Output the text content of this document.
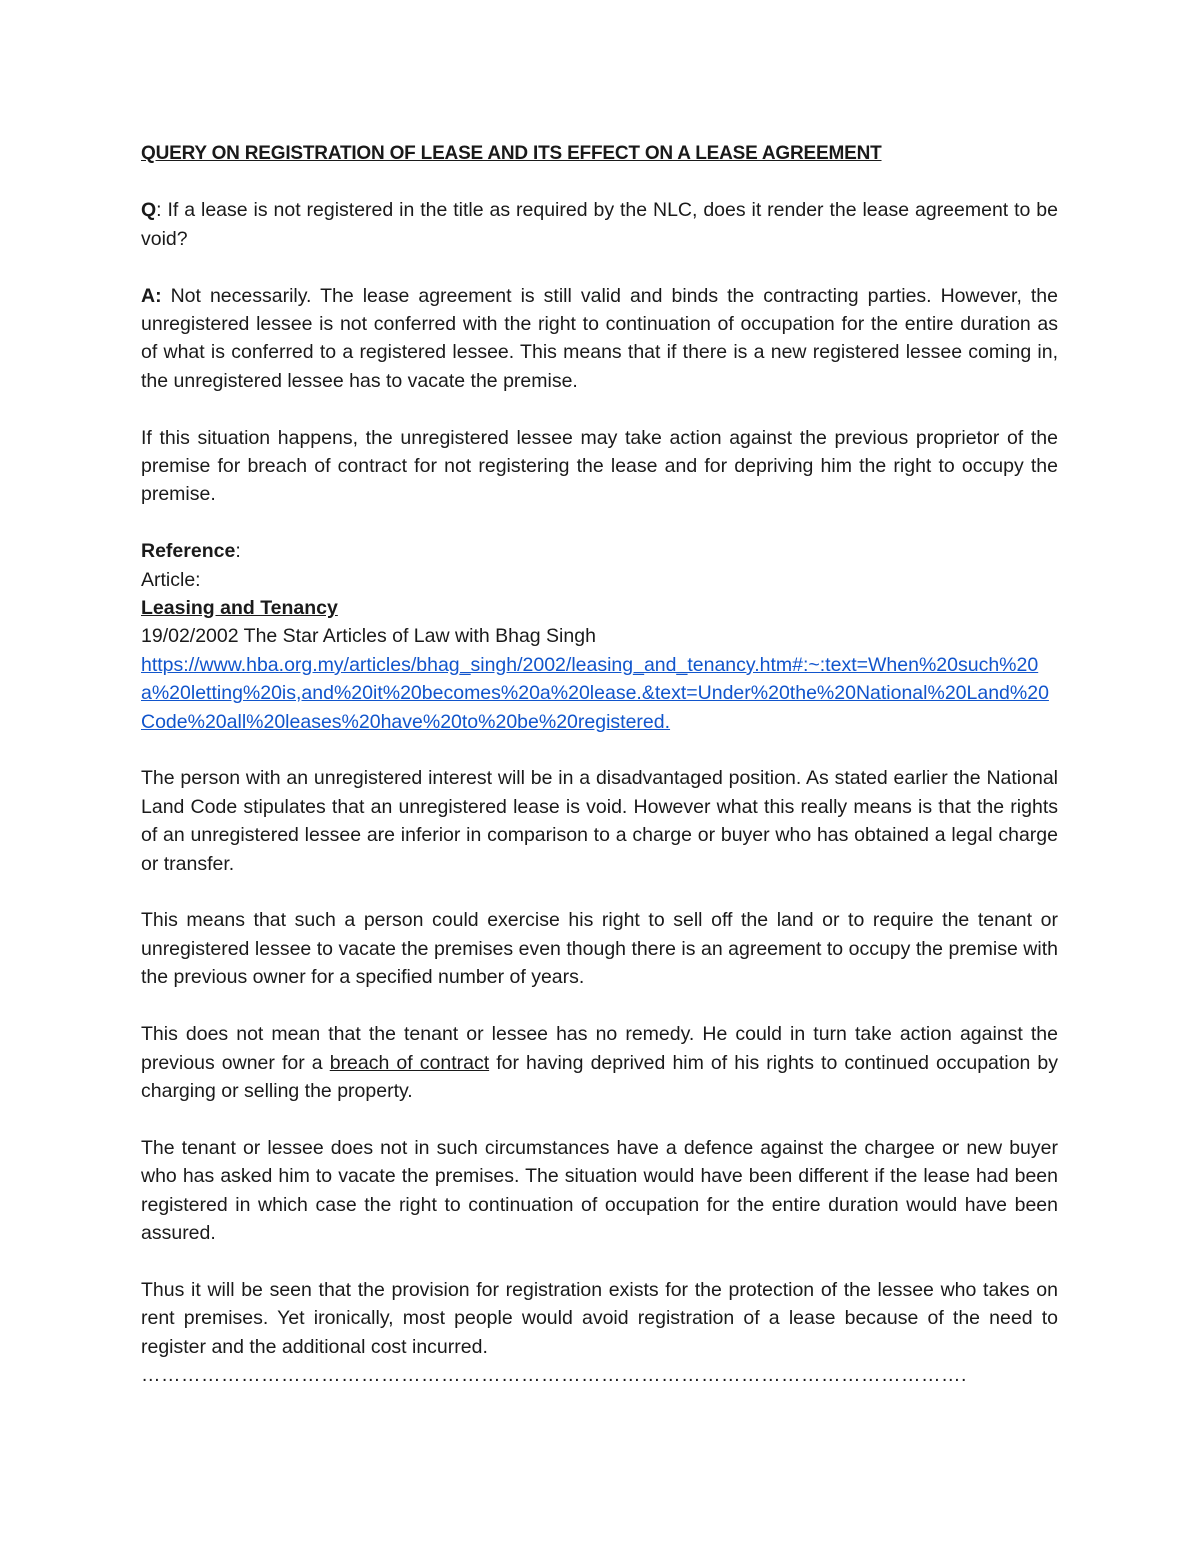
QUERY ON REGISTRATION OF LEASE AND ITS EFFECT ON A LEASE AGREEMENT

Q: If a lease is not registered in the title as required by the NLC, does it render the lease agreement to be void?

A: Not necessarily. The lease agreement is still valid and binds the contracting parties. However, the unregistered lessee is not conferred with the right to continuation of occupation for the entire duration as of what is conferred to a registered lessee. This means that if there is a new registered lessee coming in, the unregistered lessee has to vacate the premise.

If this situation happens, the unregistered lessee may take action against the previous proprietor of the premise for breach of contract for not registering the lease and for depriving him the right to occupy the premise.

Reference:

Article:

Leasing and Tenancy

19/02/2002 The Star Articles of Law with Bhag Singh

https://www.hba.org.my/articles/bhag_singh/2002/leasing_and_tenancy.htm#:~:text=When%20such%20a%20letting%20is,and%20it%20becomes%20a%20lease.&text=Under%20the%20National%20Land%20Code%20all%20leases%20have%20to%20be%20registered.

The person with an unregistered interest will be in a disadvantaged position. As stated earlier the National Land Code stipulates that an unregistered lease is void. However what this really means is that the rights of an unregistered lessee are inferior in comparison to a charge or buyer who has obtained a legal charge or transfer.

This means that such a person could exercise his right to sell off the land or to require the tenant or unregistered lessee to vacate the premises even though there is an agreement to occupy the premise with the previous owner for a specified number of years.

This does not mean that the tenant or lessee has no remedy. He could in turn take action against the previous owner for a breach of contract for having deprived him of his rights to continued occupation by charging or selling the property.

The tenant or lessee does not in such circumstances have a defence against the chargee or new buyer who has asked him to vacate the premises. The situation would have been different if the lease had been registered in which case the right to continuation of occupation for the entire duration would have been assured.

Thus it will be seen that the provision for registration exists for the protection of the lessee who takes on rent premises. Yet ironically, most people would avoid registration of a lease because of the need to register and the additional cost incurred.

…………………………………………………………………………………………………………….
